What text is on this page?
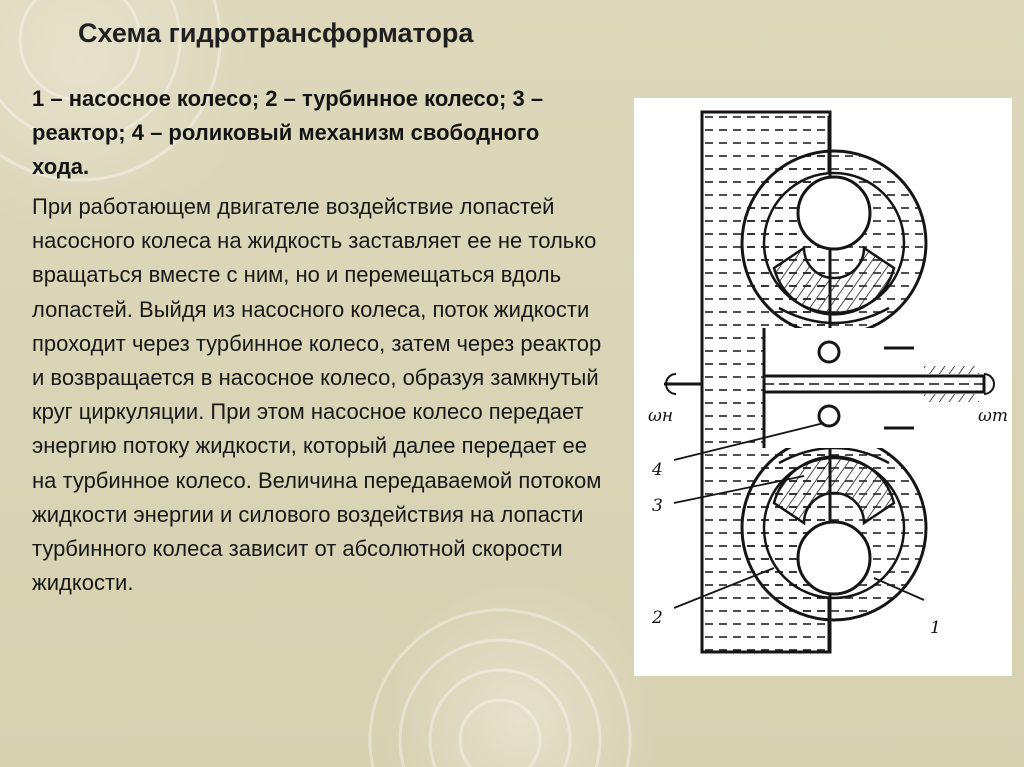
Схема гидротрансформатора
1 – насосное колесо; 2 – турбинное колесо; 3 – реактор; 4 – роликовый механизм свободного хода.
При работающем двигателе воздействие лопастей насосного колеса на жидкость заставляет ее не только вращаться вместе с ним, но и перемещаться вдоль лопастей. Выйдя из насосного колеса, поток жидкости проходит через турбинное колесо, затем через реактор и возвращается в насосное колесо, образуя замкнутый круг циркуляции. При этом насосное колесо передает энергию потоку жидкости, который далее передает ее на турбинное колесо. Величина передаваемой потоком жидкости энергии и силового воздействия на лопасти турбинного колеса зависит от абсолютной скорости жидкости.
ωн	ωт
4
3
2	1
